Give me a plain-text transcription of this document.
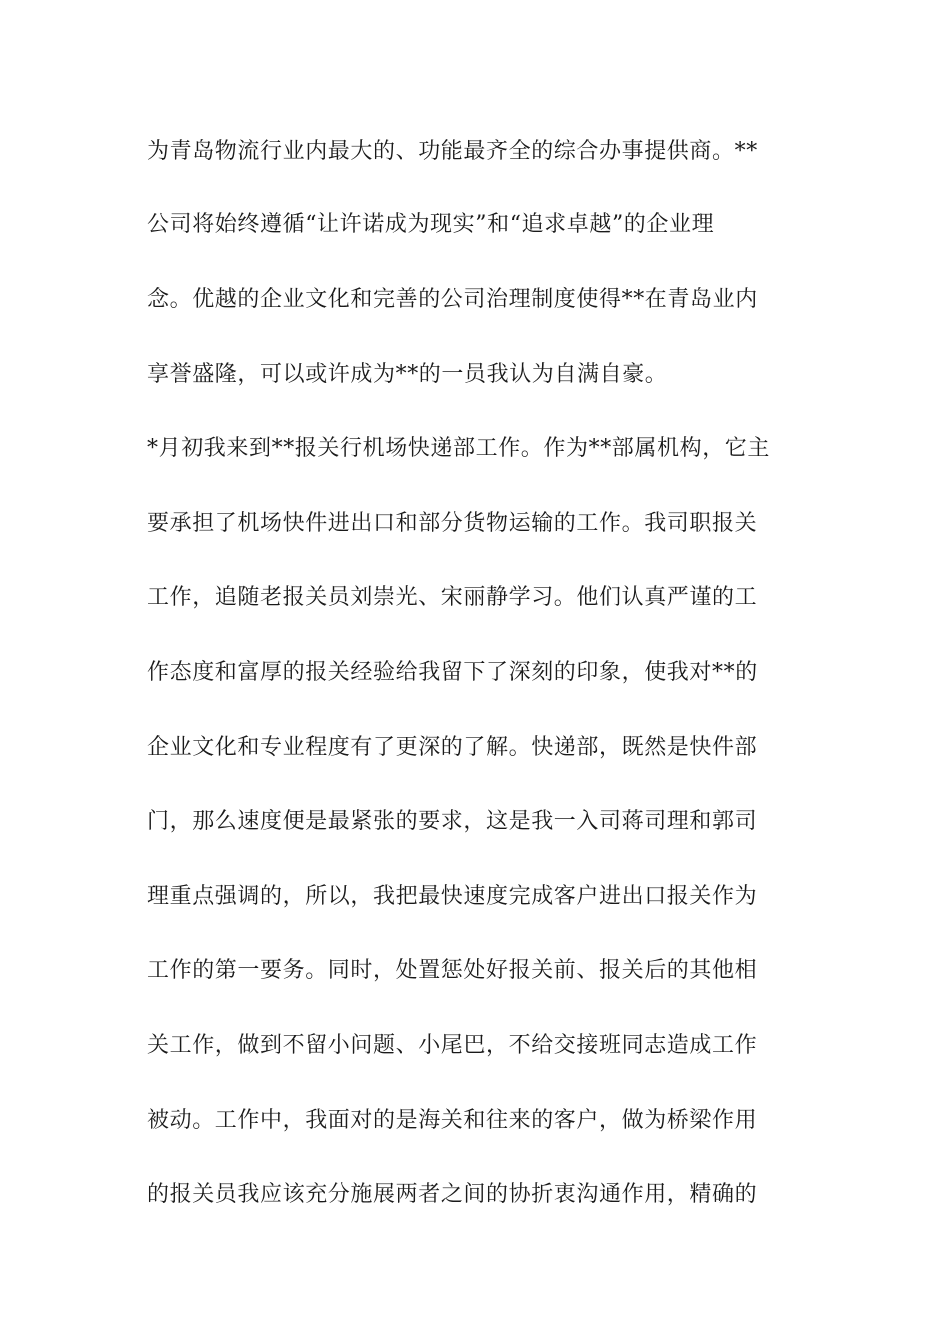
为青岛物流行业内最大的、功能最齐全的综合办事提供商。**
公司将始终遵循“让许诺成为现实”和“追求卓越”的企业理
念。优越的企业文化和完善的公司治理制度使得**在青岛业内
享誉盛隆，可以或许成为**的一员我认为自满自豪。
*月初我来到**报关行机场快递部工作。作为**部属机构，它主
要承担了机场快件进出口和部分货物运输的工作。我司职报关
工作，追随老报关员刘崇光、宋丽静学习。他们认真严谨的工
作态度和富厚的报关经验给我留下了深刻的印象，使我对**的
企业文化和专业程度有了更深的了解。快递部，既然是快件部
门，那么速度便是最紧张的要求，这是我一入司蒋司理和郭司
理重点强调的，所以，我把最快速度完成客户进出口报关作为
工作的第一要务。同时，处置惩处好报关前、报关后的其他相
关工作，做到不留小问题、小尾巴，不给交接班同志造成工作
被动。工作中，我面对的是海关和往来的客户，做为桥梁作用
的报关员我应该充分施展两者之间的协折衷沟通作用，精确的
